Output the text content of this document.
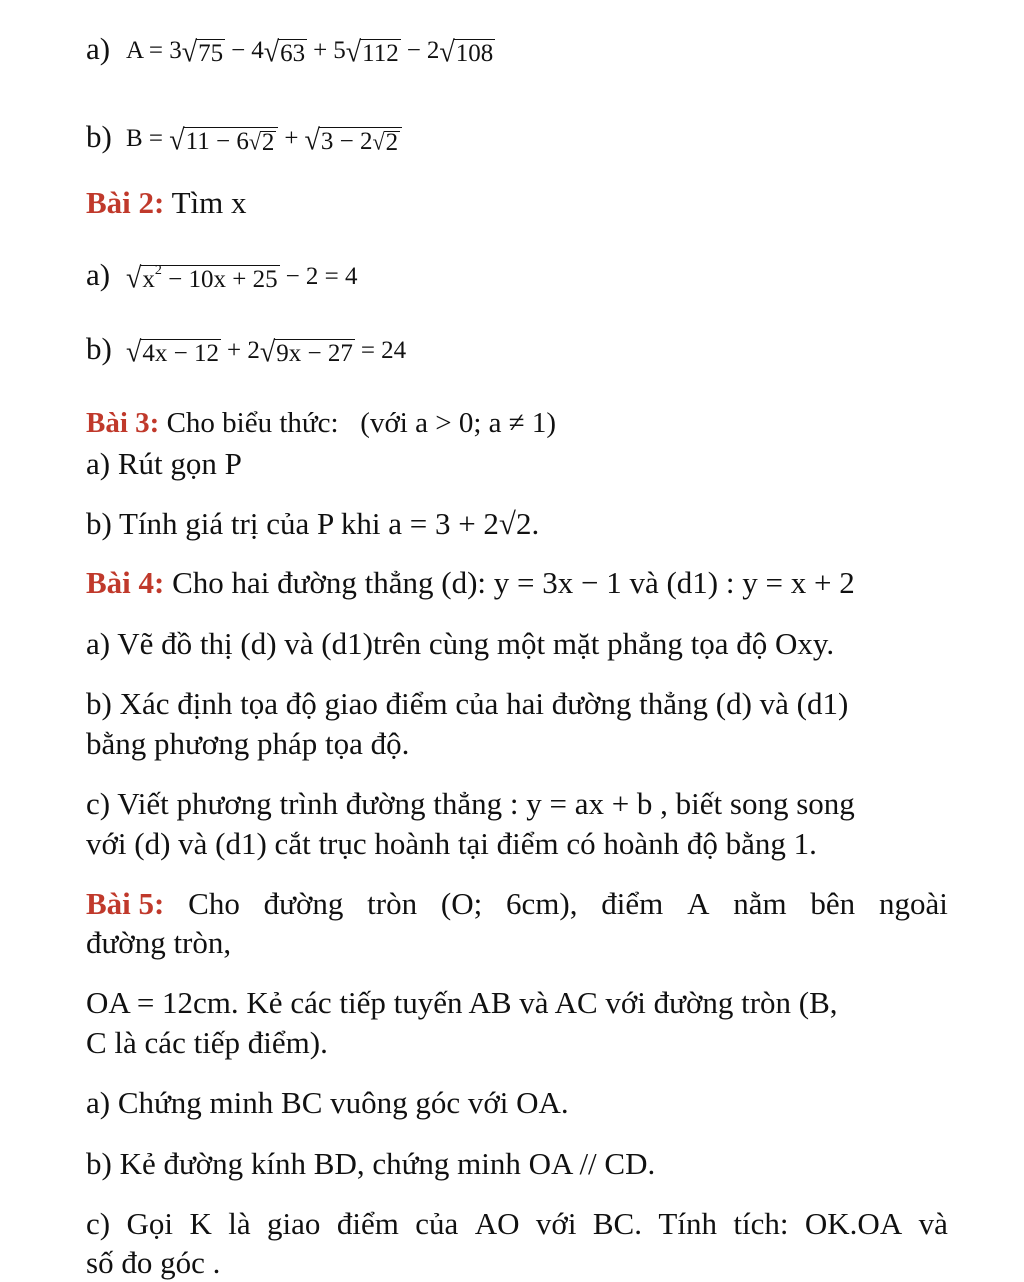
a) A =
3 √ 75 − 4 √ 63 + 5 √ 112 − 2 √ 108
b) B =
√ 11 − 6 √ 2 + √ 3 − 2 √ 2
Bài 2: Tìm x
a) √ $x^2 - 10x + 25 - 2 = 4$
b) √ 4x − 12 + 2 √ 9x − 27 = 24
Bài 3: Cho biểu thức:   (với a > 0; a ≠ 1)
a) Rút gọn P
b) Tính giá trị của P khi a = 3 + 2√2.
Bài 4: Cho hai đường thẳng (d): y = 3x − 1 và (d1) : y = x + 2
a) Vẽ đồ thị (d) và (d1)trên cùng một mặt phẳng tọa độ Oxy.
b) Xác định tọa độ giao điểm của hai đường thẳng (d) và (d1)
bằng phương pháp tọa độ.
c) Viết phương trình đường thẳng : y = ax + b , biết song song
với (d) và (d1) cắt trục hoành tại điểm có hoành độ bằng 1.
Bài 5: Cho đường tròn (O; 6cm), điểm A nằm bên ngoài
đường tròn,
OA = 12cm. Kẻ các tiếp tuyến AB và AC với đường tròn (B,
C là các tiếp điểm).
a) Chứng minh BC vuông góc với OA.
b) Kẻ đường kính BD, chứng minh OA // CD.
c) Gọi K là giao điểm của AO với BC. Tính tích: OK.OA và
số đo góc .
